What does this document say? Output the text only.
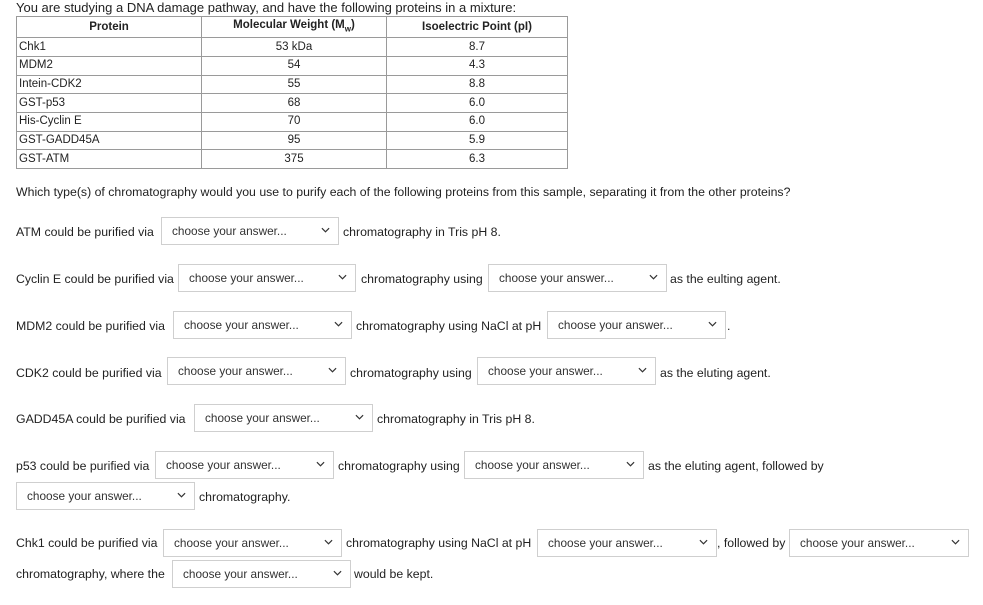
You are studying a DNA damage pathway, and have the following proteins in a mixture:
Protein	Molecular Weight $(M_w)$	Isoelectric Point (pI)
Chk1	53 kDa	8.7
MDM2	54	4.3
Intein-CDK2	55	8.8
GST-p53	68	6.0
His-Cyclin E	70	6.0
GST-GADD45A	95	5.9
GST-ATM	375	6.3
Which type(s) of chromatography would you use to purify each of the following proteins from this sample, separating it from the other proteins?
ATM could be purified via	choose your answer...	chromatography in Tris pH 8.
Cyclin E could be purified via	choose your answer...	chromatography using	choose your answer...	as the eulting agent.
MDM2 could be purified via	choose your answer...	chromatography using NaCl at pH	choose your answer...	.
CDK2 could be purified via	choose your answer...	chromatography using	choose your answer...	as the eluting agent.
GADD45A could be purified via	choose your answer...	chromatography in Tris pH 8.
p53 could be purified via	choose your answer...	chromatography using	choose your answer...	as the eluting agent, followed by
choose your answer...	chromatography.
Chk1 could be purified via	choose your answer...	chromatography using NaCl at pH	choose your answer...	, followed by	choose your answer...
chromatography, where the	choose your answer...	would be kept.
